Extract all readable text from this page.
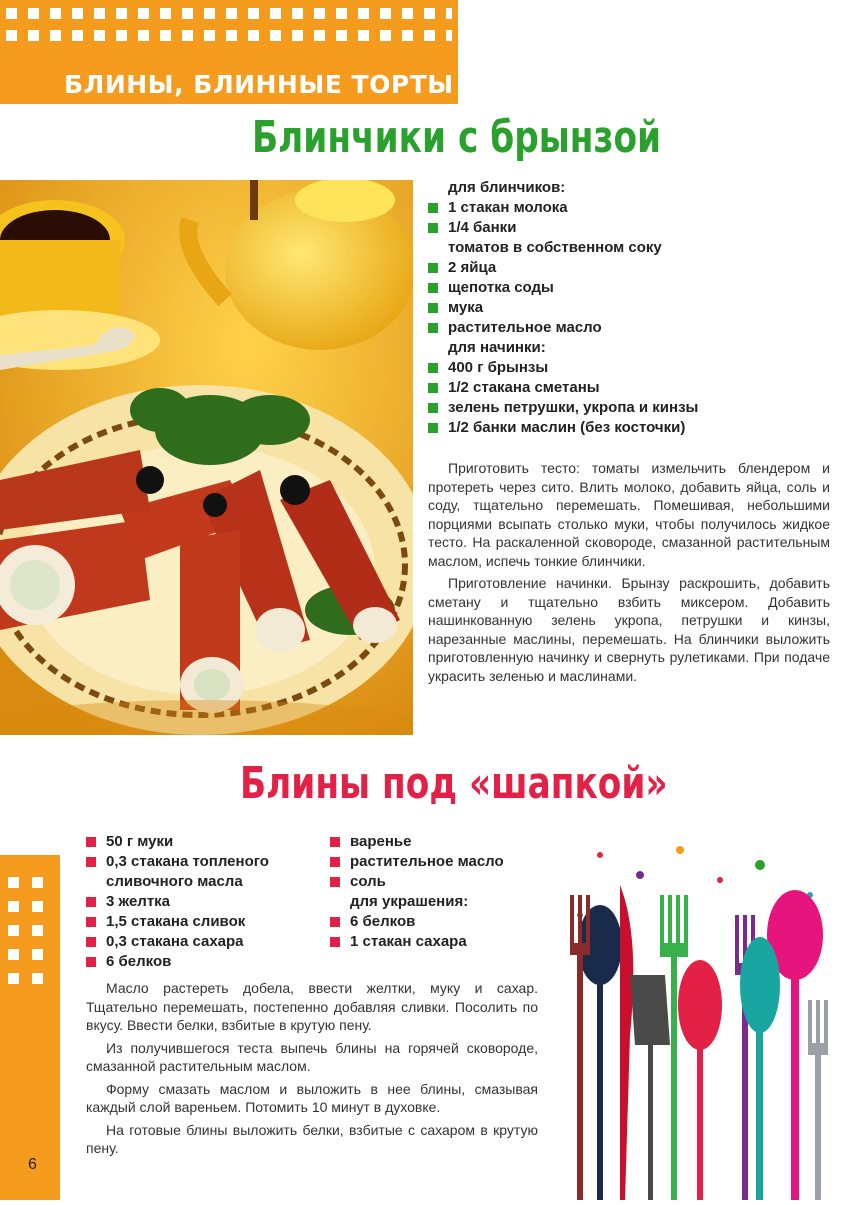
БЛИНЫ, БЛИННЫЕ ТОРТЫ
Блинчики с брынзой
для блинчиков:
1 стакан молока
1/4 банки
томатов в собственном соку
2 яйца
щепотка соды
мука
растительное масло
для начинки:
400 г брынзы
1/2 стакана сметаны
зелень петрушки, укропа и кинзы
1/2 банки маслин (без косточки)

Приготовить тесто: томаты измельчить блендером и протереть через сито. Влить молоко, добавить яйца, соль и соду, тщательно перемешать. Помешивая, небольшими порциями всыпать столько муки, чтобы получилось жидкое тесто. На раскаленной сковороде, смазанной растительным маслом, испечь тонкие блинчики.

Приготовление начинки. Брынзу раскрошить, добавить сметану и тщательно взбить миксером. Добавить нашинкованную зелень укропа, петрушки и кинзы, нарезанные маслины, перемешать. На блинчики выложить приготовленную начинку и свернуть рулетиками. При подаче украсить зеленью и маслинами.

Блины под «шапкой»
50 г муки
0,3 стакана топленого
сливочного масла
3 желтка
1,5 стакана сливок
0,3 стакана сахара
6 белков
варенье
растительное масло
соль
для украшения:
6 белков
1 стакан сахара

Масло растереть добела, ввести желтки, муку и сахар. Тщательно перемешать, постепенно добавляя сливки. Посолить по вкусу. Ввести белки, взбитые в крутую пену.

Из получившегося теста выпечь блины на горячей сковороде, смазанной растительным маслом.

Форму смазать маслом и выложить в нее блины, смазывая каждый слой вареньем. Потомить 10 минут в духовке.

На готовые блины выложить белки, взбитые с сахаром в крутую пену.

6
